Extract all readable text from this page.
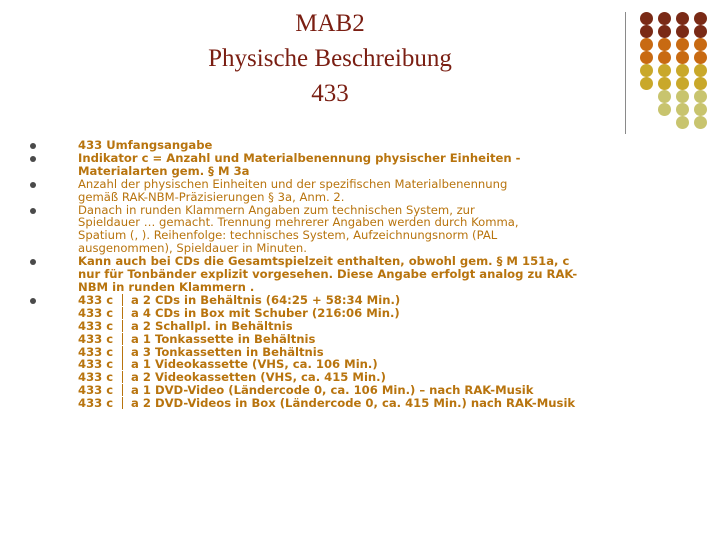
MAB2
Physische Beschreibung
433
433 Umfangsangabe
Indikator c = Anzahl und Materialbenennung physischer Einheiten -
Materialarten gem. § M 3a
Anzahl der physischen Einheiten und der spezifischen Materialbenennung
gemäß RAK-NBM-Präzisierungen § 3a, Anm. 2.
Danach in runden Klammern Angaben zum technischen System, zur
Spieldauer … gemacht. Trennung mehrerer Angaben werden durch Komma,
Spatium (, ). Reihenfolge: technisches System, Aufzeichnungsnorm (PAL
ausgenommen), Spieldauer in Minuten.
Kann auch bei CDs die Gesamtspielzeit enthalten, obwohl gem. § M 151a, c
nur für Tonbänder explizit vorgesehen. Diese Angabe erfolgt analog zu RAK-
NBM in runden Klammern .
433 c a 2 CDs in Behältnis (64:25 + 58:34 Min.)
433 c a 4 CDs in Box mit Schuber (216:06 Min.)
433 c a 2 Schallpl. in Behältnis
433 c a 1 Tonkassette in Behältnis
433 c a 3 Tonkassetten in Behältnis
433 c a 1 Videokassette (VHS, ca. 106 Min.)
433 c a 2 Videokassetten (VHS, ca. 415 Min.)
433 c a 1 DVD-Video (Ländercode 0, ca. 106 Min.) – nach RAK-Musik
433 c a 2 DVD-Videos in Box (Ländercode 0, ca. 415 Min.) nach RAK-Musik
